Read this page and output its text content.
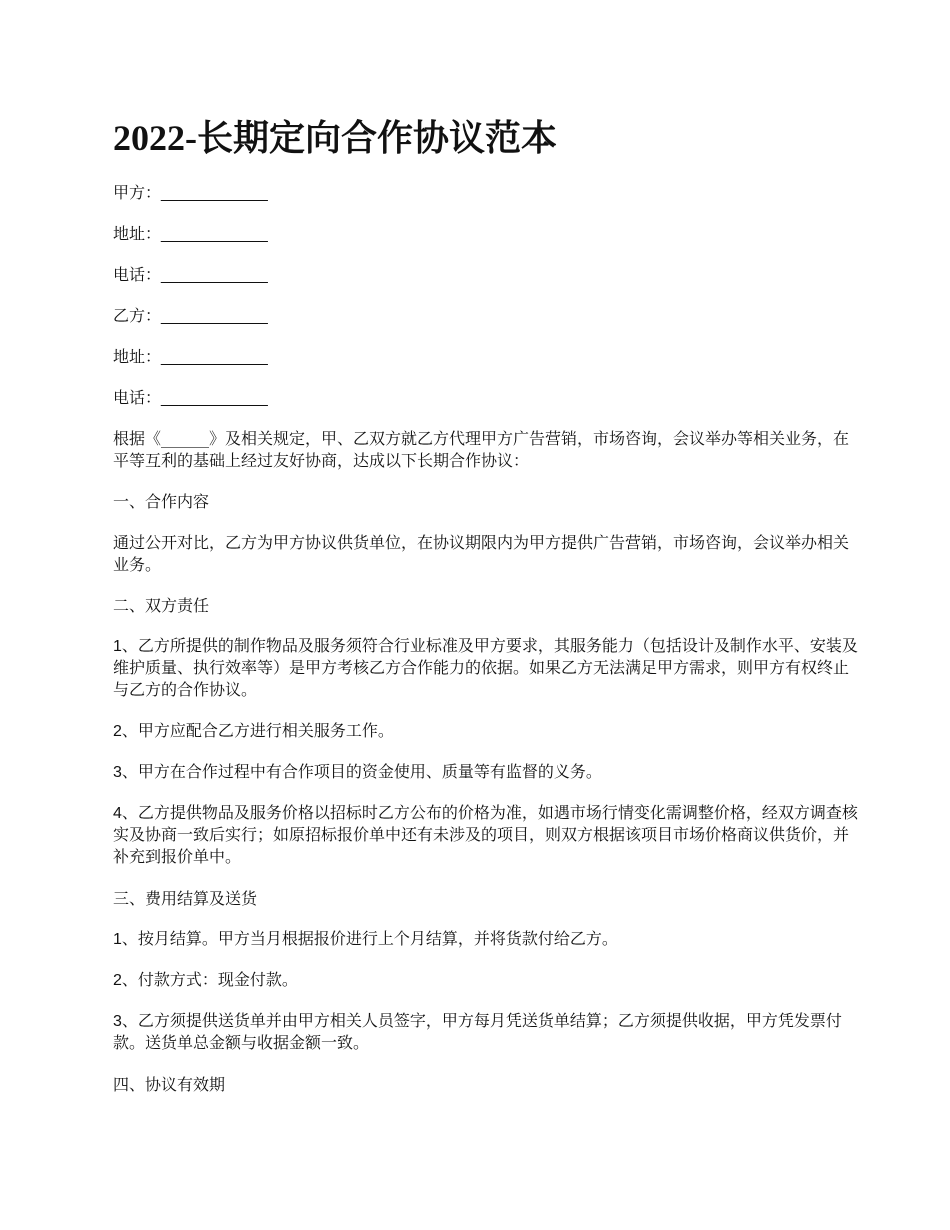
2022-长期定向合作协议范本
甲方：____________
地址：____________
电话：____________
乙方：____________
地址：____________
电话：____________

根据《______》及相关规定，甲、乙双方就乙方代理甲方广告营销，市场咨询，会议举办等相关业务，在平等互利的基础上经过友好协商，达成以下长期合作协议：

一、合作内容

通过公开对比，乙方为甲方协议供货单位，在协议期限内为甲方提供广告营销，市场咨询，会议举办相关业务。

二、双方责任

1、乙方所提供的制作物品及服务须符合行业标准及甲方要求，其服务能力（包括设计及制作水平、安装及维护质量、执行效率等）是甲方考核乙方合作能力的依据。如果乙方无法满足甲方需求，则甲方有权终止与乙方的合作协议。

2、甲方应配合乙方进行相关服务工作。

3、甲方在合作过程中有合作项目的资金使用、质量等有监督的义务。

4、乙方提供物品及服务价格以招标时乙方公布的价格为准，如遇市场行情变化需调整价格，经双方调查核实及协商一致后实行；如原招标报价单中还有未涉及的项目，则双方根据该项目市场价格商议供货价，并补充到报价单中。

三、费用结算及送货

1、按月结算。甲方当月根据报价进行上个月结算，并将货款付给乙方。

2、付款方式：现金付款。

3、乙方须提供送货单并由甲方相关人员签字，甲方每月凭送货单结算；乙方须提供收据，甲方凭发票付款。送货单总金额与收据金额一致。

四、协议有效期
